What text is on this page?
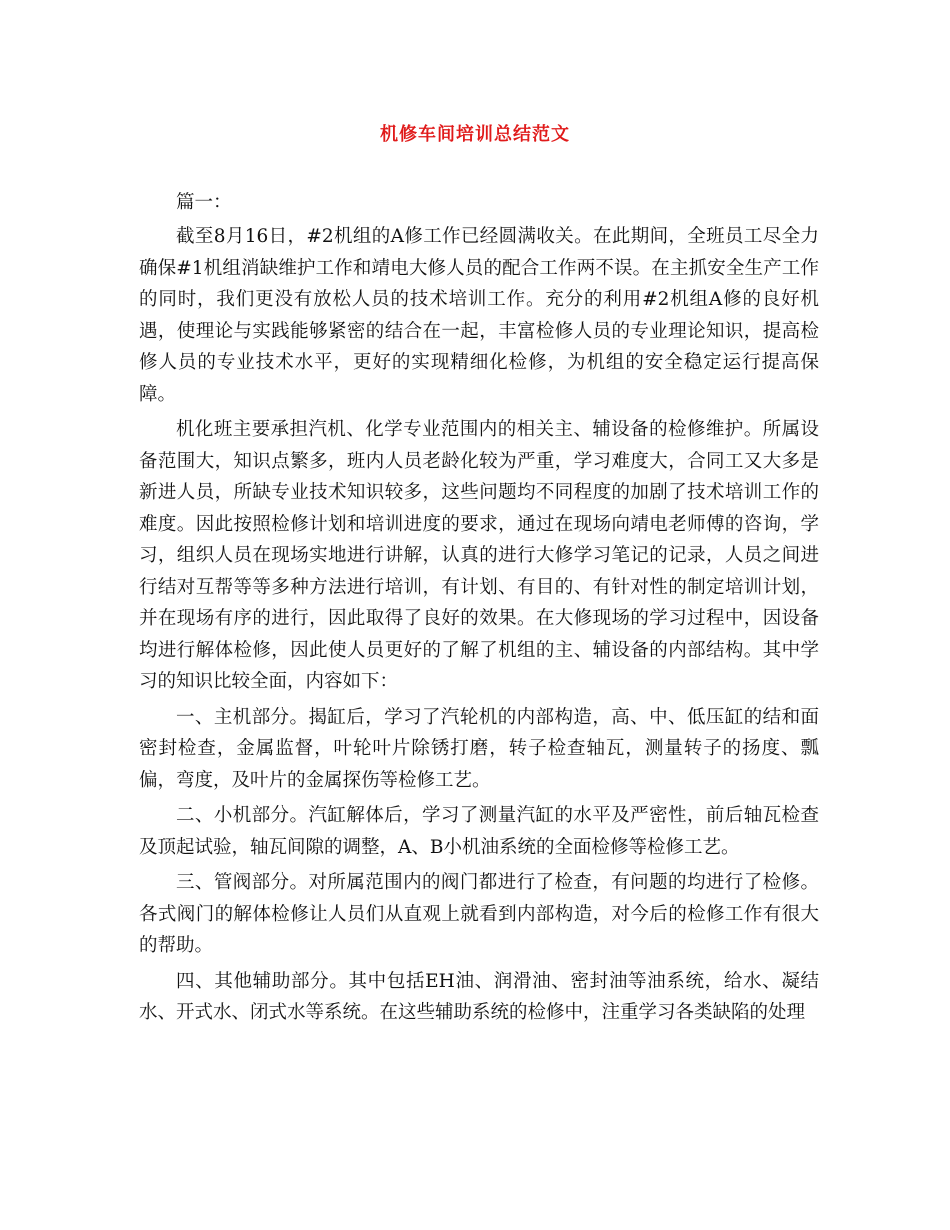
机修车间培训总结范文

篇一：

截至8月16日，#2机组的A修工作已经圆满收关。在此期间，全班员工尽全力确保#1机组消缺维护工作和靖电大修人员的配合工作两不误。在主抓安全生产工作的同时，我们更没有放松人员的技术培训工作。充分的利用#2机组A修的良好机遇，使理论与实践能够紧密的结合在一起，丰富检修人员的专业理论知识，提高检修人员的专业技术水平，更好的实现精细化检修，为机组的安全稳定运行提高保障。

机化班主要承担汽机、化学专业范围内的相关主、辅设备的检修维护。所属设备范围大，知识点繁多，班内人员老龄化较为严重，学习难度大，合同工又大多是新进人员，所缺专业技术知识较多，这些问题均不同程度的加剧了技术培训工作的难度。因此按照检修计划和培训进度的要求，通过在现场向靖电老师傅的咨询，学习，组织人员在现场实地进行讲解，认真的进行大修学习笔记的记录，人员之间进行结对互帮等等多种方法进行培训，有计划、有目的、有针对性的制定培训计划，并在现场有序的进行，因此取得了良好的效果。在大修现场的学习过程中，因设备均进行解体检修，因此使人员更好的了解了机组的主、辅设备的内部结构。其中学习的知识比较全面，内容如下：

一、主机部分。揭缸后，学习了汽轮机的内部构造，高、中、低压缸的结和面密封检查，金属监督，叶轮叶片除锈打磨，转子检查轴瓦，测量转子的扬度、瓢偏，弯度，及叶片的金属探伤等检修工艺。

二、小机部分。汽缸解体后，学习了测量汽缸的水平及严密性，前后轴瓦检查及顶起试验，轴瓦间隙的调整，A、B小机油系统的全面检修等检修工艺。

三、管阀部分。对所属范围内的阀门都进行了检查，有问题的均进行了检修。各式阀门的解体检修让人员们从直观上就看到内部构造，对今后的检修工作有很大的帮助。

四、其他辅助部分。其中包括EH油、润滑油、密封油等油系统，给水、凝结水、开式水、闭式水等系统。在这些辅助系统的检修中，注重学习各类缺陷的处理
